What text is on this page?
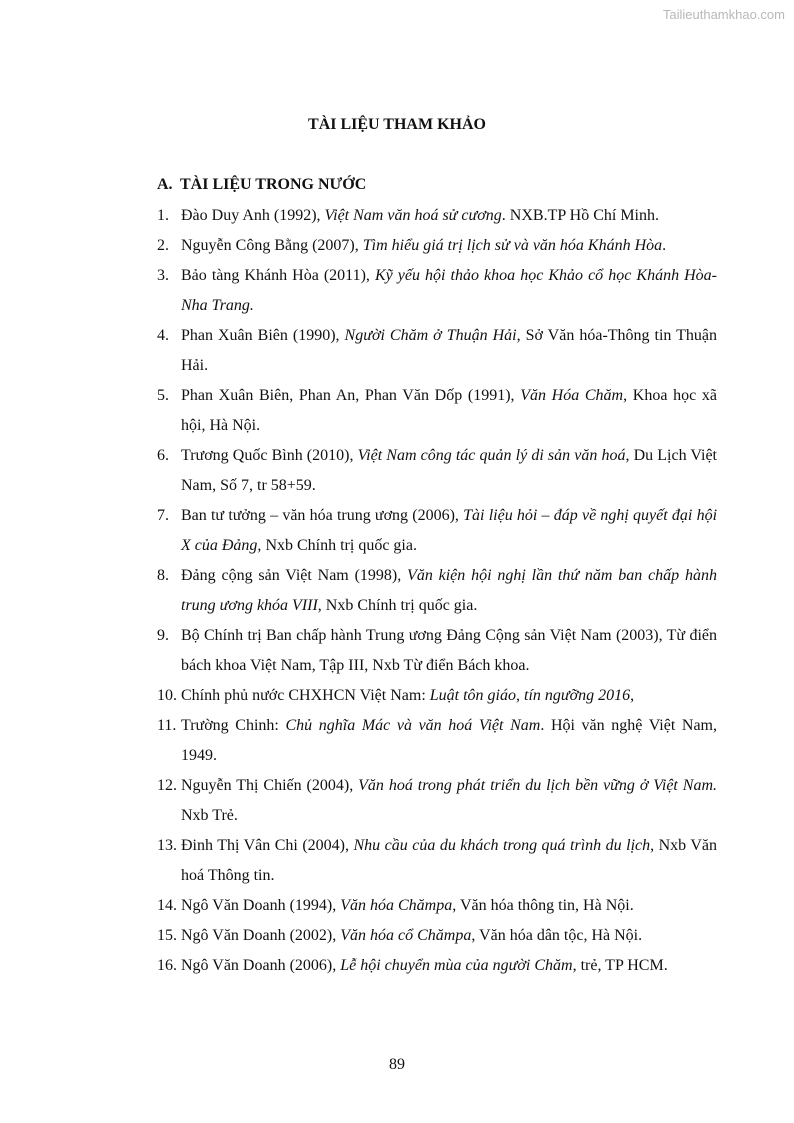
Tailieuthamkhao.com
TÀI LIỆU THAM KHẢO
A. TÀI LIỆU TRONG NƯỚC
1. Đào Duy Anh (1992), Việt Nam văn hoá sử cương. NXB.TP Hồ Chí Minh.
2. Nguyễn Công Bằng (2007), Tìm hiểu giá trị lịch sử và văn hóa Khánh Hòa.
3. Bảo tàng Khánh Hòa (2011), Kỹ yếu hội thảo khoa học Khảo cổ học Khánh Hòa-Nha Trang.
4. Phan Xuân Biên (1990), Người Chăm ở Thuận Hải, Sở Văn hóa-Thông tin Thuận Hải.
5. Phan Xuân Biên, Phan An, Phan Văn Dốp (1991), Văn Hóa Chăm, Khoa học xã hội, Hà Nội.
6. Trương Quốc Bình (2010), Việt Nam công tác quản lý di sản văn hoá, Du Lịch Việt Nam, Số 7, tr 58+59.
7. Ban tư tưởng – văn hóa trung ương (2006), Tài liệu hỏi – đáp về nghị quyết đại hội X của Đảng, Nxb Chính trị quốc gia.
8. Đảng cộng sản Việt Nam (1998), Văn kiện hội nghị lần thứ năm ban chấp hành trung ương khóa VIII, Nxb Chính trị quốc gia.
9. Bộ Chính trị Ban chấp hành Trung ương Đảng Cộng sản Việt Nam (2003), Từ điển bách khoa Việt Nam, Tập III, Nxb Từ điển Bách khoa.
10. Chính phủ nước CHXHCN Việt Nam: Luật tôn giáo, tín ngưỡng 2016,
11. Trường Chinh: Chủ nghĩa Mác và văn hoá Việt Nam. Hội văn nghệ Việt Nam, 1949.
12. Nguyễn Thị Chiến (2004), Văn hoá trong phát triển du lịch bền vững ở Việt Nam. Nxb Trẻ.
13. Đinh Thị Vân Chi (2004), Nhu cầu của du khách trong quá trình du lịch, Nxb Văn hoá Thông tin.
14. Ngô Văn Doanh (1994), Văn hóa Chămpa, Văn hóa thông tin, Hà Nội.
15. Ngô Văn Doanh (2002), Văn hóa cổ Chămpa, Văn hóa dân tộc, Hà Nội.
16. Ngô Văn Doanh (2006), Lễ hội chuyển mùa của người Chăm, trẻ, TP HCM.
89
